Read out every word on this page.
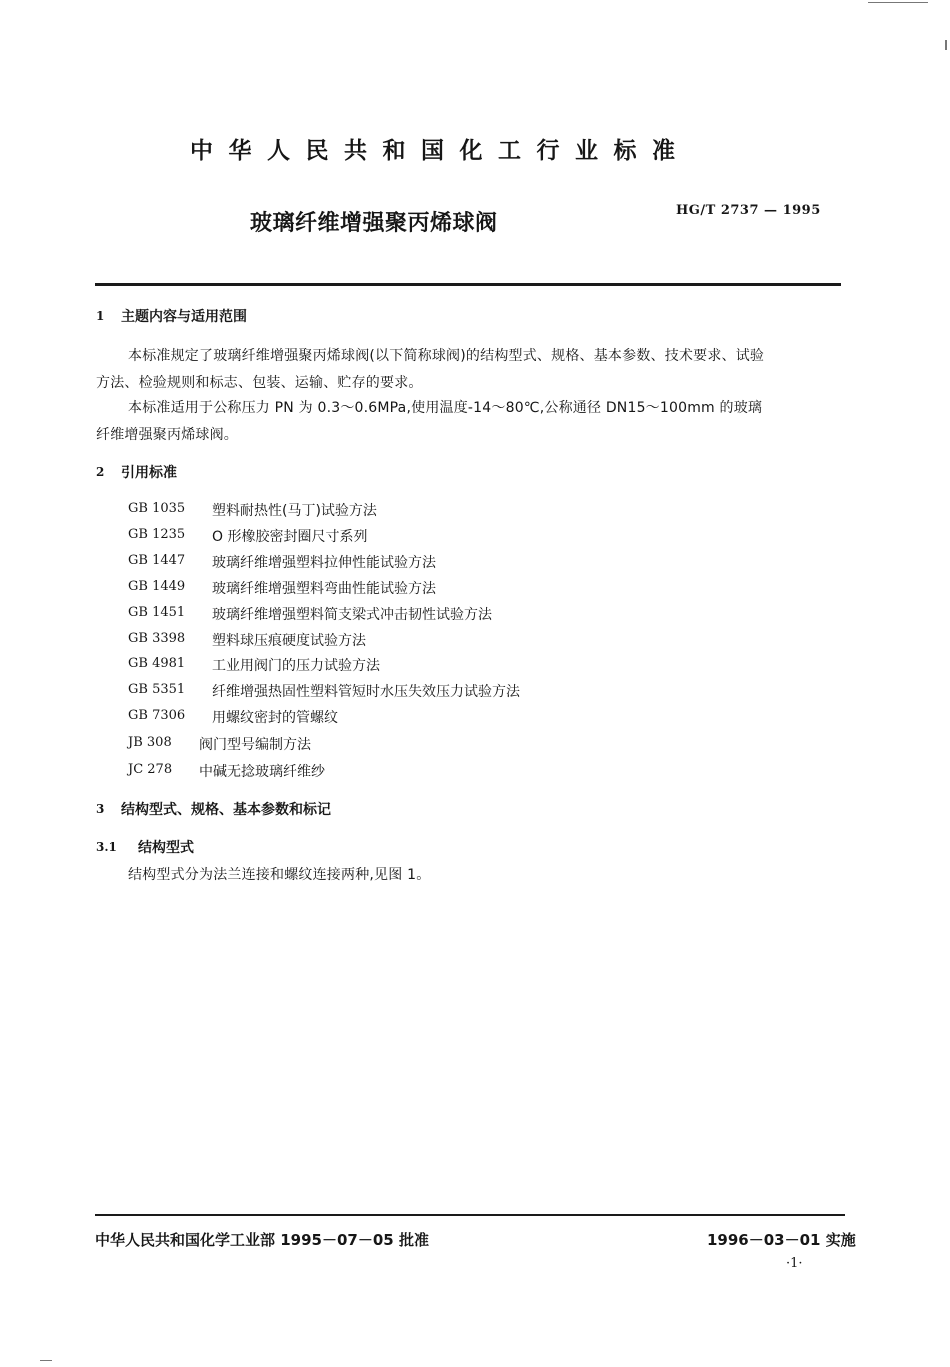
中华人民共和国化工行业标准
玻璃纤维增强聚丙烯球阀
HG/T 2737 — 1995
1 主题内容与适用范围
本标准规定了玻璃纤维增强聚丙烯球阀(以下简称球阀)的结构型式、规格、基本参数、技术要求、试验
方法、检验规则和标志、包装、运输、贮存的要求。
本标准适用于公称压力 PN 为 0.3～0.6MPa,使用温度-14～80℃,公称通径 DN15～100mm 的玻璃
纤维增强聚丙烯球阀。
2 引用标准
GB 1035 塑料耐热性(马丁)试验方法
GB 1235 O 形橡胶密封圈尺寸系列
GB 1447 玻璃纤维增强塑料拉伸性能试验方法
GB 1449 玻璃纤维增强塑料弯曲性能试验方法
GB 1451 玻璃纤维增强塑料简支梁式冲击韧性试验方法
GB 3398 塑料球压痕硬度试验方法
GB 4981 工业用阀门的压力试验方法
GB 5351 纤维增强热固性塑料管短时水压失效压力试验方法
GB 7306 用螺纹密封的管螺纹
JB 308 阀门型号编制方法
JC 278 中碱无捻玻璃纤维纱
3 结构型式、规格、基本参数和标记
3.1 结构型式
结构型式分为法兰连接和螺纹连接两种,见图 1。
中华人民共和国化学工业部 1995－07－05 批准	1996－03－01 实施
·1·
